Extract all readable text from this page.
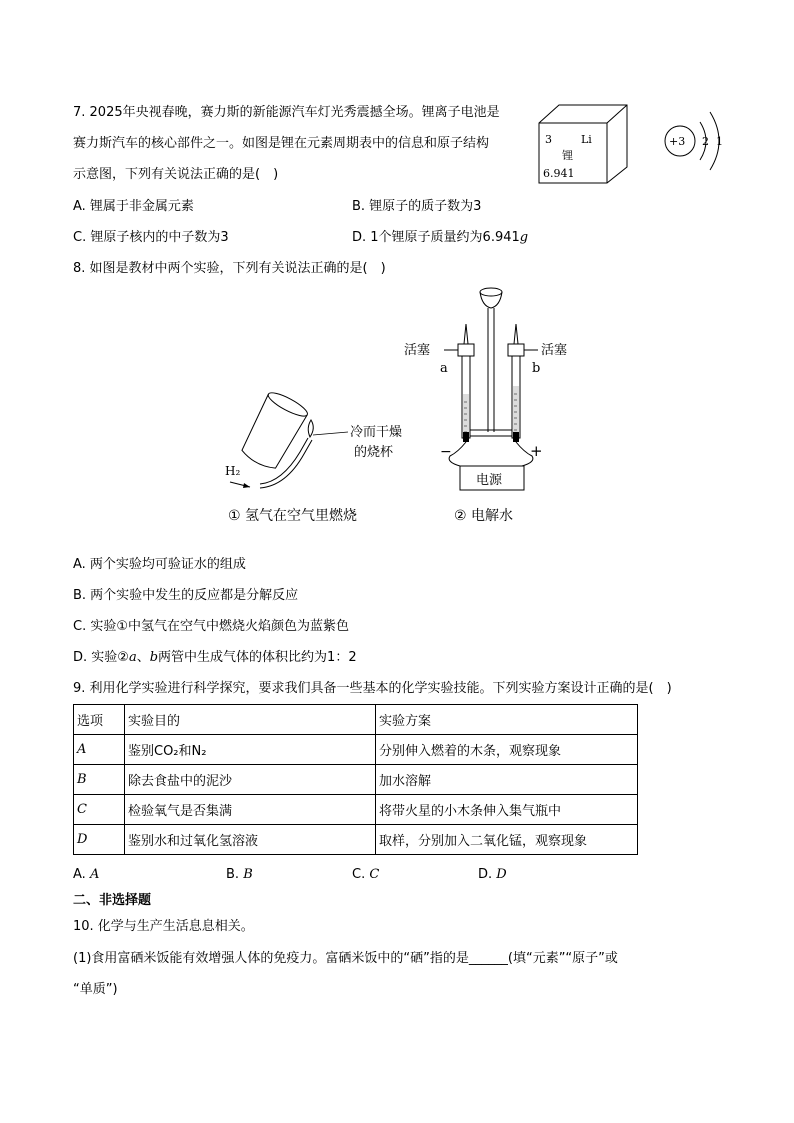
7. 2025年央视春晚，赛力斯的新能源汽车灯光秀震撼全场。锂离子电池是
赛力斯汽车的核心部件之一。如图是锂在元素周期表中的信息和原子结构
示意图，下列有关说法正确的是(　)
3	Li
锂
6.941
+3 2 1
A. 锂属于非金属元素	B. 锂原子的质子数为3
C. 锂原子核内的中子数为3	D. 1个锂原子质量约为6.941g
8. 如图是教材中两个实验，下列有关说法正确的是(　)
H₂
冷而干燥
的烧杯
① 氢气在空气里燃烧
活塞	活塞
a	b
−	+
电源
② 电解水
A. 两个实验均可验证水的组成
B. 两个实验中发生的反应都是分解反应
C. 实验①中氢气在空气中燃烧火焰颜色为蓝紫色
D. 实验②a、b两管中生成气体的体积比约为1：2
9. 利用化学实验进行科学探究，要求我们具备一些基本的化学实验技能。下列实验方案设计正确的是(　)
选项	实验目的	实验方案
A	鉴别CO₂和N₂	分别伸入燃着的木条，观察现象
B	除去食盐中的泥沙	加水溶解
C	检验氧气是否集满	将带火星的小木条伸入集气瓶中
D	鉴别水和过氧化氢溶液	取样，分别加入二氧化锰，观察现象
A. A	B. B	C. C	D. D
二、非选择题
10. 化学与生产生活息息相关。
(1)食用富硒米饭能有效增强人体的免疫力。富硒米饭中的“硒”指的是______(填“元素”“原子”或
“单质”)
